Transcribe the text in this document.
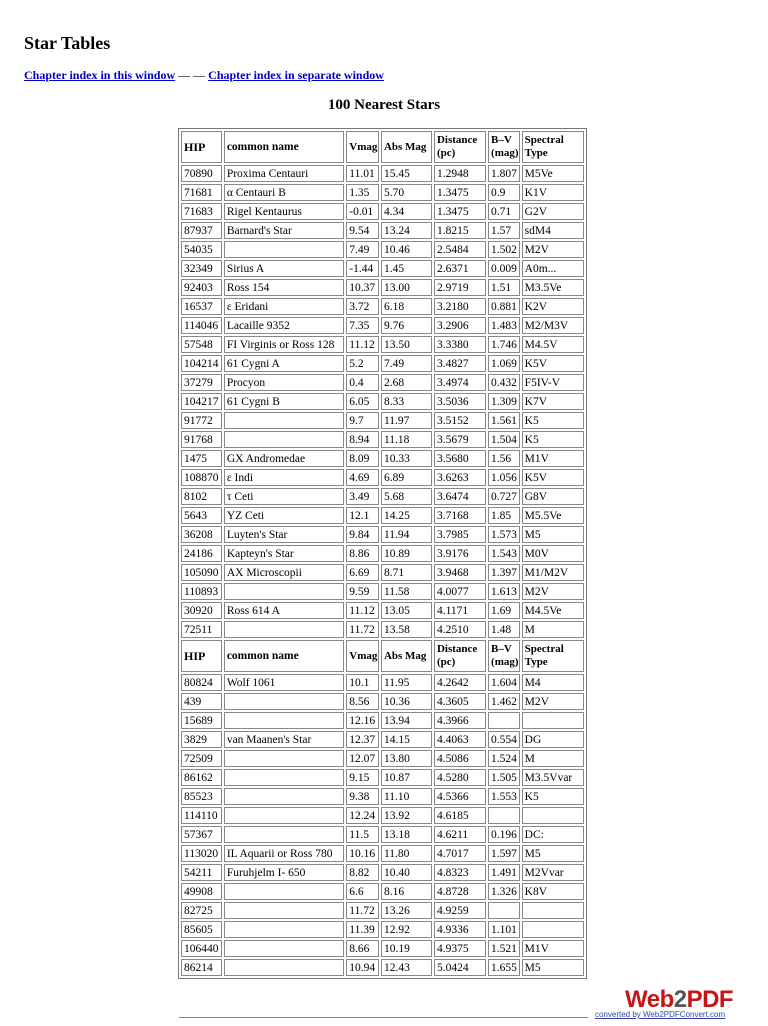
Star Tables
Chapter index in this window — — Chapter index in separate window
100 Nearest Stars
HIP	common name	Vmag	Abs Mag	Distance (pc)	B–V (mag)	Spectral Type
70890	Proxima Centauri	11.01	15.45	1.2948	1.807	M5Ve
71681	α Centauri B	1.35	5.70	1.3475	0.9	K1V
71683	Rigel Kentaurus	-0.01	4.34	1.3475	0.71	G2V
87937	Barnard's Star	9.54	13.24	1.8215	1.57	sdM4
54035		7.49	10.46	2.5484	1.502	M2V
32349	Sirius A	-1.44	1.45	2.6371	0.009	A0m...
92403	Ross 154	10.37	13.00	2.9719	1.51	M3.5Ve
16537	ε Eridani	3.72	6.18	3.2180	0.881	K2V
114046	Lacaille 9352	7.35	9.76	3.2906	1.483	M2/M3V
57548	FI Virginis or Ross 128	11.12	13.50	3.3380	1.746	M4.5V
104214	61 Cygni A	5.2	7.49	3.4827	1.069	K5V
37279	Procyon	0.4	2.68	3.4974	0.432	F5IV-V
104217	61 Cygni B	6.05	8.33	3.5036	1.309	K7V
91772		9.7	11.97	3.5152	1.561	K5
91768		8.94	11.18	3.5679	1.504	K5
1475	GX Andromedae	8.09	10.33	3.5680	1.56	M1V
108870	ε Indi	4.69	6.89	3.6263	1.056	K5V
8102	τ Ceti	3.49	5.68	3.6474	0.727	G8V
5643	YZ Ceti	12.1	14.25	3.7168	1.85	M5.5Ve
36208	Luyten's Star	9.84	11.94	3.7985	1.573	M5
24186	Kapteyn's Star	8.86	10.89	3.9176	1.543	M0V
105090	AX Microscopii	6.69	8.71	3.9468	1.397	M1/M2V
110893		9.59	11.58	4.0077	1.613	M2V
30920	Ross 614 A	11.12	13.05	4.1171	1.69	M4.5Ve
72511		11.72	13.58	4.2510	1.48	M
HIP	common name	Vmag	Abs Mag	Distance (pc)	B–V (mag)	Spectral Type
80824	Wolf 1061	10.1	11.95	4.2642	1.604	M4
439		8.56	10.36	4.3605	1.462	M2V
15689		12.16	13.94	4.3966		
3829	van Maanen's Star	12.37	14.15	4.4063	0.554	DG
72509		12.07	13.80	4.5086	1.524	M
86162		9.15	10.87	4.5280	1.505	M3.5Vvar
85523		9.38	11.10	4.5366	1.553	K5
114110		12.24	13.92	4.6185		
57367		11.5	13.18	4.6211	0.196	DC:
113020	IL Aquarii or Ross 780	10.16	11.80	4.7017	1.597	M5
54211	Furuhjelm I- 650	8.82	10.40	4.8323	1.491	M2Vvar
49908		6.6	8.16	4.8728	1.326	K8V
82725		11.72	13.26	4.9259		
85605		11.39	12.92	4.9336	1.101	
106440		8.66	10.19	4.9375	1.521	M1V
86214		10.94	12.43	5.0424	1.655	M5
Web2PDF
converted by Web2PDFConvert.com
